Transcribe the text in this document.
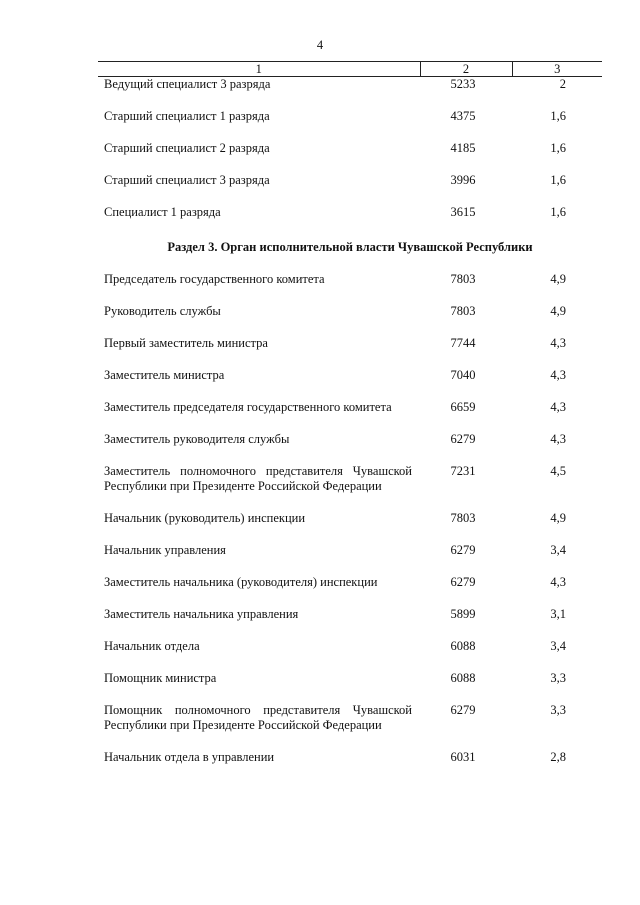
4
1	2	3
Ведущий специалист 3 разряда	5233	2
Старший специалист 1 разряда	4375	1,6
Старший специалист 2 разряда	4185	1,6
Старший специалист 3 разряда	3996	1,6
Специалист 1 разряда	3615	1,6
Раздел 3. Орган исполнительной власти Чувашской Республики		
Председатель государственного комитета	7803	4,9
Руководитель службы	7803	4,9
Первый заместитель министра	7744	4,3
Заместитель министра	7040	4,3
Заместитель председателя государственного комитета	6659	4,3
Заместитель руководителя службы	6279	4,3
Заместитель полномочного представителя Чувашской Республики при Президенте Российской Федерации	7231	4,5
Начальник (руководитель) инспекции	7803	4,9
Начальник управления	6279	3,4
Заместитель начальника (руководителя) инспекции	6279	4,3
Заместитель начальника управления	5899	3,1
Начальник отдела	6088	3,4
Помощник министра	6088	3,3
Помощник полномочного представителя Чувашской Республики при Президенте Российской Федерации	6279	3,3
Начальник отдела в управлении	6031	2,8
